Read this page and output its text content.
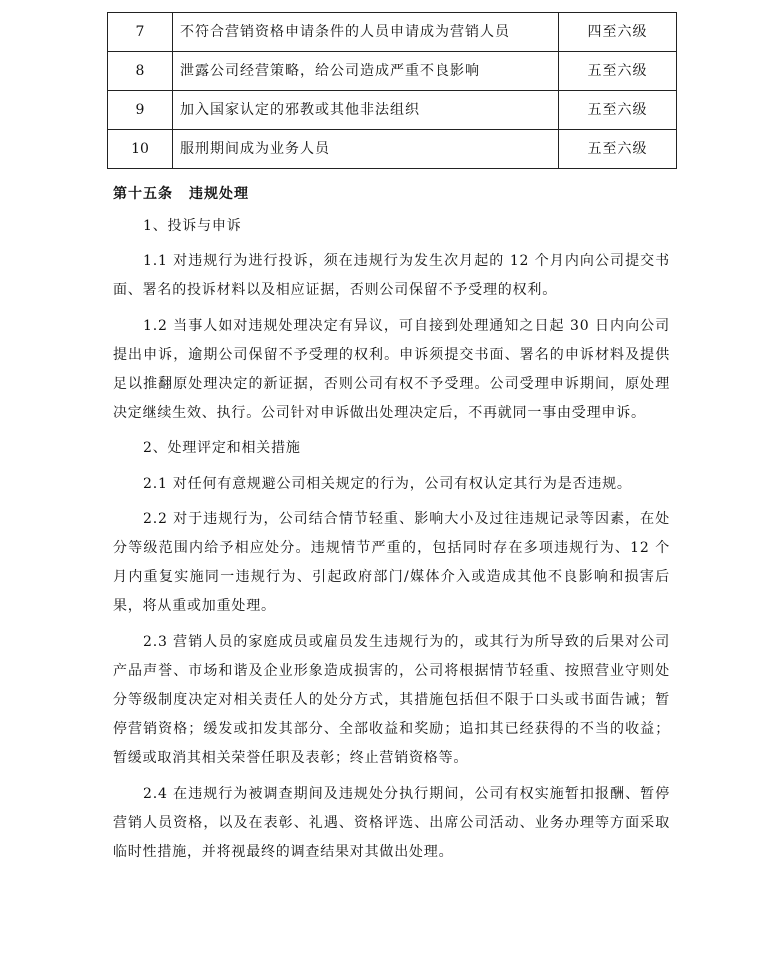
7	不符合营销资格申请条件的人员申请成为营销人员	四至六级
8	泄露公司经营策略，给公司造成严重不良影响	五至六级
9	加入国家认定的邪教或其他非法组织	五至六级
10	服刑期间成为业务人员	五至六级
第十五条 违规处理

1、投诉与申诉

1.1 对违规行为进行投诉，须在违规行为发生次月起的 12 个月内向公司提交书面、署名的投诉材料以及相应证据，否则公司保留不予受理的权利。

1.2 当事人如对违规处理决定有异议，可自接到处理通知之日起 30 日内向公司提出申诉，逾期公司保留不予受理的权利。申诉须提交书面、署名的申诉材料及提供足以推翻原处理决定的新证据，否则公司有权不予受理。公司受理申诉期间，原处理决定继续生效、执行。公司针对申诉做出处理决定后，不再就同一事由受理申诉。

2、处理评定和相关措施

2.1 对任何有意规避公司相关规定的行为，公司有权认定其行为是否违规。

2.2 对于违规行为，公司结合情节轻重、影响大小及过往违规记录等因素，在处分等级范围内给予相应处分。违规情节严重的，包括同时存在多项违规行为、12 个月内重复实施同一违规行为、引起政府部门/媒体介入或造成其他不良影响和损害后果，将从重或加重处理。

2.3 营销人员的家庭成员或雇员发生违规行为的，或其行为所导致的后果对公司产品声誉、市场和谐及企业形象造成损害的，公司将根据情节轻重、按照营业守则处分等级制度决定对相关责任人的处分方式，其措施包括但不限于口头或书面告诫；暂停营销资格；缓发或扣发其部分、全部收益和奖励；追扣其已经获得的不当的收益；暂缓或取消其相关荣誉任职及表彰；终止营销资格等。

2.4 在违规行为被调查期间及违规处分执行期间，公司有权实施暂扣报酬、暂停营销人员资格，以及在表彰、礼遇、资格评选、出席公司活动、业务办理等方面采取临时性措施，并将视最终的调查结果对其做出处理。
